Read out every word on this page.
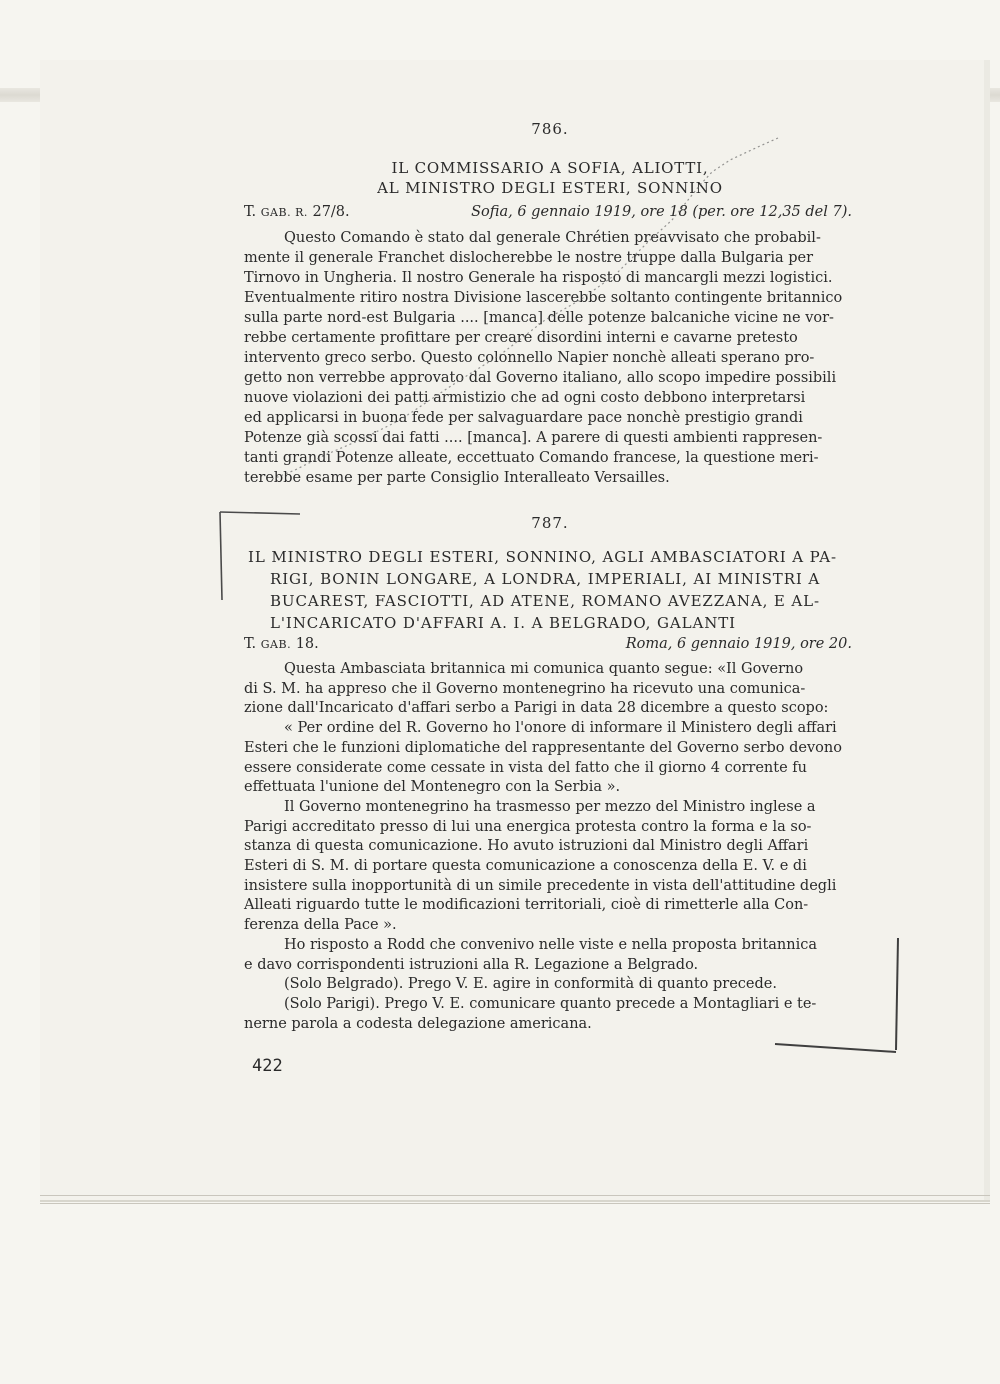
786.
IL COMMISSARIO A SOFIA, ALIOTTI,
AL MINISTRO DEGLI ESTERI, SONNINO
T. GAB. R. 27/8.	Sofia, 6 gennaio 1919, ore 18 (per. ore 12,35 del 7).
Questo Comando è stato dal generale Chrétien preavvisato che probabil-
mente il generale Franchet dislocherebbe le nostre truppe dalla Bulgaria per
Tirnovo in Ungheria. Il nostro Generale ha risposto di mancargli mezzi logistici.
Eventualmente ritiro nostra Divisione lascerebbe soltanto contingente britannico
sulla parte nord-est Bulgaria .... [manca] delle potenze balcaniche vicine ne vor-
rebbe certamente profittare per creare disordini interni e cavarne pretesto
intervento greco serbo. Questo colonnello Napier nonchè alleati sperano pro-
getto non verrebbe approvato dal Governo italiano, allo scopo impedire possibili
nuove violazioni dei patti armistizio che ad ogni costo debbono interpretarsi
ed applicarsi in buona fede per salvaguardare pace nonchè prestigio grandi
Potenze già scossi dai fatti .... [manca]. A parere di questi ambienti rappresen-
tanti grandi Potenze alleate, eccettuato Comando francese, la questione meri-
terebbe esame per parte Consiglio Interalleato Versailles.
787.
IL MINISTRO DEGLI ESTERI, SONNINO, AGLI AMBASCIATORI A PA-
RIGI, BONIN LONGARE, A LONDRA, IMPERIALI, AI MINISTRI A
BUCAREST, FASCIOTTI, AD ATENE, ROMANO AVEZZANA, E AL-
L'INCARICATO D'AFFARI A. I. A BELGRADO, GALANTI
T. GAB. 18.	Roma, 6 gennaio 1919, ore 20.
Questa Ambasciata britannica mi comunica quanto segue: «Il Governo
di S. M. ha appreso che il Governo montenegrino ha ricevuto una comunica-
zione dall'Incaricato d'affari serbo a Parigi in data 28 dicembre a questo scopo:
« Per ordine del R. Governo ho l'onore di informare il Ministero degli affari
Esteri che le funzioni diplomatiche del rappresentante del Governo serbo devono
essere considerate come cessate in vista del fatto che il giorno 4 corrente fu
effettuata l'unione del Montenegro con la Serbia ».
Il Governo montenegrino ha trasmesso per mezzo del Ministro inglese a
Parigi accreditato presso di lui una energica protesta contro la forma e la so-
stanza di questa comunicazione. Ho avuto istruzioni dal Ministro degli Affari
Esteri di S. M. di portare questa comunicazione a conoscenza della E. V. e di
insistere sulla inopportunità di un simile precedente in vista dell'attitudine degli
Alleati riguardo tutte le modificazioni territoriali, cioè di rimetterle alla Con-
ferenza della Pace ».
Ho risposto a Rodd che convenivo nelle viste e nella proposta britannica
e davo corrispondenti istruzioni alla R. Legazione a Belgrado.
(Solo Belgrado). Prego V. E. agire in conformità di quanto precede.
(Solo Parigi). Prego V. E. comunicare quanto precede a Montagliari e te-
nerne parola a codesta delegazione americana.
422
